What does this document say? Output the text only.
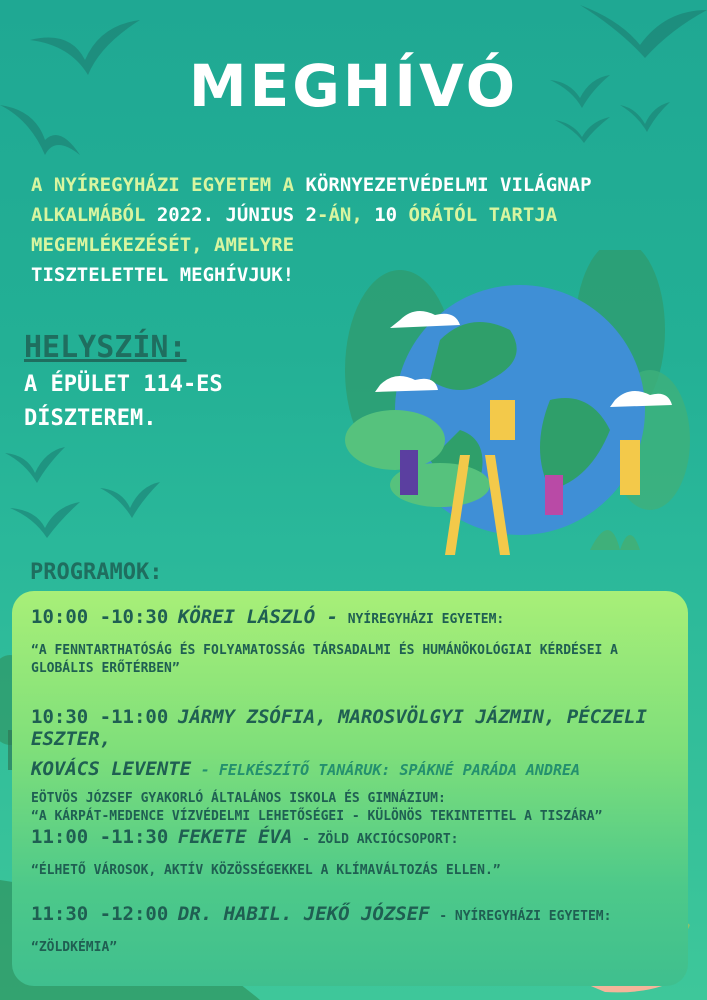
MEGHÍVÓ
A NYÍREGYHÁZI EGYETEM A KÖRNYEZETVÉDELMI VILÁGNAP
ALKALMÁBÓL 2022. JÚNIUS 2-ÁN, 10 ÓRÁTÓL TARTJA
MEGEMLÉKEZÉSÉT, AMELYRE
TISZTELETTEL MEGHÍVJUK!
HELYSZÍN:
A ÉPÜLET 114-ES
DÍSZTEREM.
PROGRAMOK:
10:00 -10:30 KÖREI LÁSZLÓ - NYÍREGYHÁZI EGYETEM:
“A FENNTARTHATÓSÁG ÉS FOLYAMATOSSÁG TÁRSADALMI ÉS HUMÁNÖKOLÓGIAI KÉRDÉSEI A GLOBÁLIS ERŐTÉRBEN”
10:30 -11:00 JÁRMY ZSÓFIA, MAROSVÖLGYI JÁZMIN, PÉCZELI ESZTER,
KOVÁCS LEVENTE - FELKÉSZÍTŐ TANÁRUK: SPÁKNÉ PARÁDA ANDREA
EÖTVÖS JÓZSEF GYAKORLÓ ÁLTALÁNOS ISKOLA ÉS GIMNÁZIUM:
“A KÁRPÁT-MEDENCE VÍZVÉDELMI LEHETŐSÉGEI - KÜLÖNÖS TEKINTETTEL A TISZÁRA”
11:00 -11:30 FEKETE ÉVA - ZÖLD AKCIÓCSOPORT:
“ÉLHETŐ VÁROSOK, AKTÍV KÖZÖSSÉGEKKEL A KLÍMAVÁLTOZÁS ELLEN.”
11:30 -12:00 DR. HABIL. JEKŐ JÓZSEF - NYÍREGYHÁZI EGYETEM:
“ZÖLDKÉMIA”
